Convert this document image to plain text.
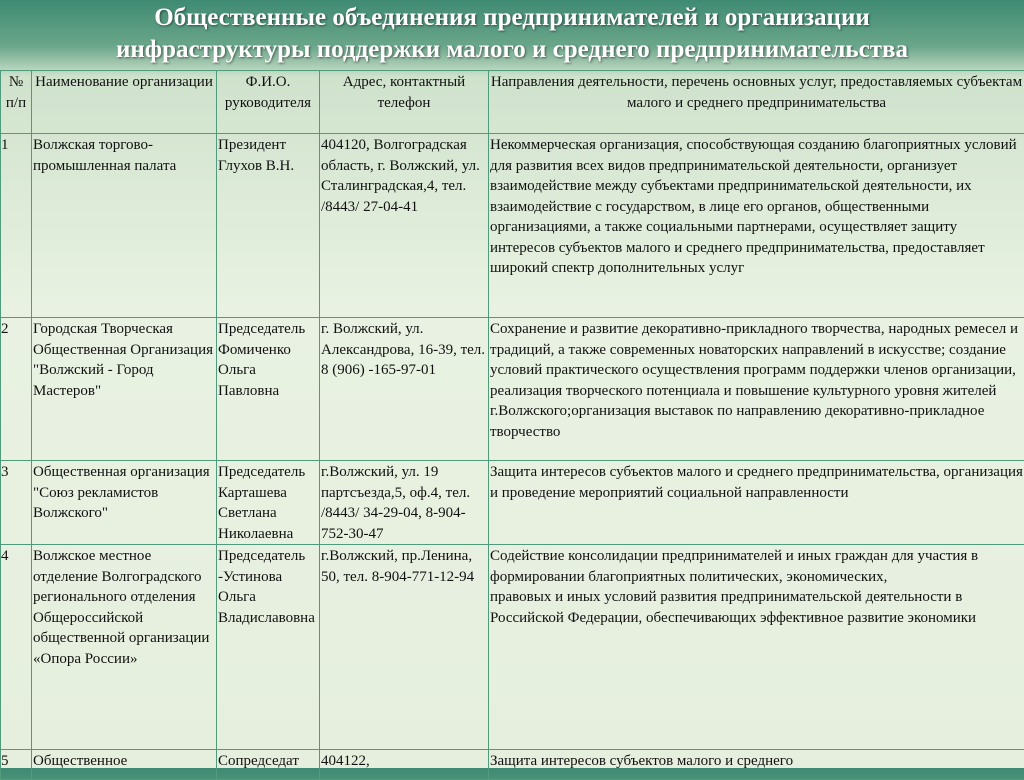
Общественные объединения предпринимателей и организации
инфраструктуры поддержки малого и среднего предпринимательства
№ п/п	Наименование организации	Ф.И.О. руководителя	Адрес, контактный телефон	Направления деятельности, перечень основных услуг, предоставляемых субъектам малого и среднего предпринимательства
1	Волжская торгово-промышленная палата	Президент Глухов В.Н.	404120, Волгоградская область, г. Волжский, ул. Сталинградская,4, тел. /8443/ 27-04-41	Некоммерческая организация, способствующая созданию благоприятных условий для развития всех видов предпринимательской деятельности, организует взаимодействие между субъектами предпринимательской деятельности, их взаимодействие с государством, в лице его органов, общественными организациями, а также социальными партнерами, осуществляет защиту интересов субъектов малого и среднего предпринимательства, предоставляет широкий спектр дополнительных услуг
2	Городская Творческая Общественная Организация "Волжский - Город Мастеров"	Председатель Фомиченко Ольга Павловна	г. Волжский, ул. Александрова, 16-39, тел. 8 (906) -165-97-01	Сохранение и развитие декоративно-прикладного творчества, народных ремесел и традиций, а также современных новаторских направлений в искусстве; создание условий практического осуществления программ поддержки членов организации, реализация творческого потенциала и повышение культурного уровня жителей г.Волжского;организация выставок по направлению декоративно-прикладное творчество
3	Общественная организация "Союз рекламистов Волжского"	Председатель Карташева Светлана Николаевна	г.Волжский, ул. 19 партсъезда,5, оф.4, тел. /8443/ 34-29-04, 8-904-752-30-47	Защита интересов субъектов малого и среднего предпринимательства, организация и проведение мероприятий социальной направленности
4	Волжское местное отделение Волгоградского регионального отделения Общероссийской общественной организации «Опора России»	Председатель -Устинова Ольга Владиславовна	г.Волжский, пр.Ленина, 50, тел. 8-904-771-12-94	Содействие консолидации предпринимателей и иных граждан для участия в формировании благоприятных политических, экономических,
правовых и иных условий развития предпринимательской деятельности в Российской Федерации, обеспечивающих эффективное развитие экономики
5	Общественное	Сопредседат	404122,	Защита интересов субъектов малого и среднего
